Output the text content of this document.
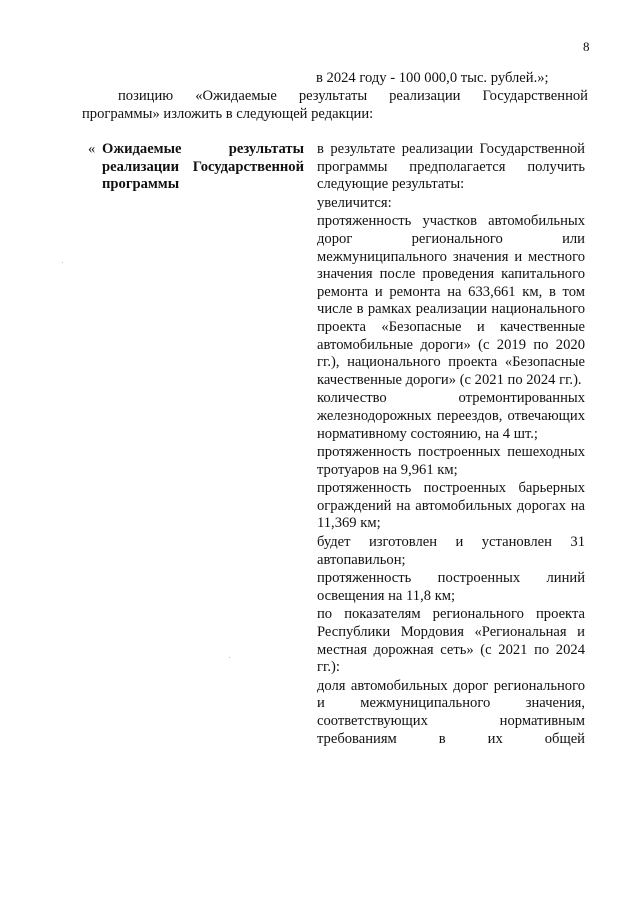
8
в 2024 году - 100 000,0 тыс. рублей.»;
позицию «Ожидаемые результаты реализации Государственной программы» изложить в следующей редакции:
« Ожидаемые результаты реализации Государственной программы

в результате реализации Государственной программы предполагается получить следующие результаты:

увеличится:

протяженность участков автомобильных дорог регионального или межмуниципального значения и местного значения после проведения капитального ремонта и ремонта на 633,661 км, в том числе в рамках реализации национального проекта «Безопасные и качественные автомобильные дороги» (с 2019 по 2020 гг.), национального проекта «Безопасные качественные дороги» (с 2021 по 2024 гг.).

количество отремонтированных железнодорожных переездов, отвечающих нормативному состоянию, на 4 шт.;

протяженность построенных пешеходных тротуаров на 9,961 км;

протяженность построенных барьерных ограждений на автомобильных дорогах на 11,369 км;

будет изготовлен и установлен 31 автопавильон;

протяженность построенных линий освещения на 11,8 км;

по показателям регионального проекта Республики Мордовия «Региональная и местная дорожная сеть» (с 2021 по 2024 гг.):

доля автомобильных дорог регионального и межмуниципального значения, соответствующих нормативным требованиям в их общей
